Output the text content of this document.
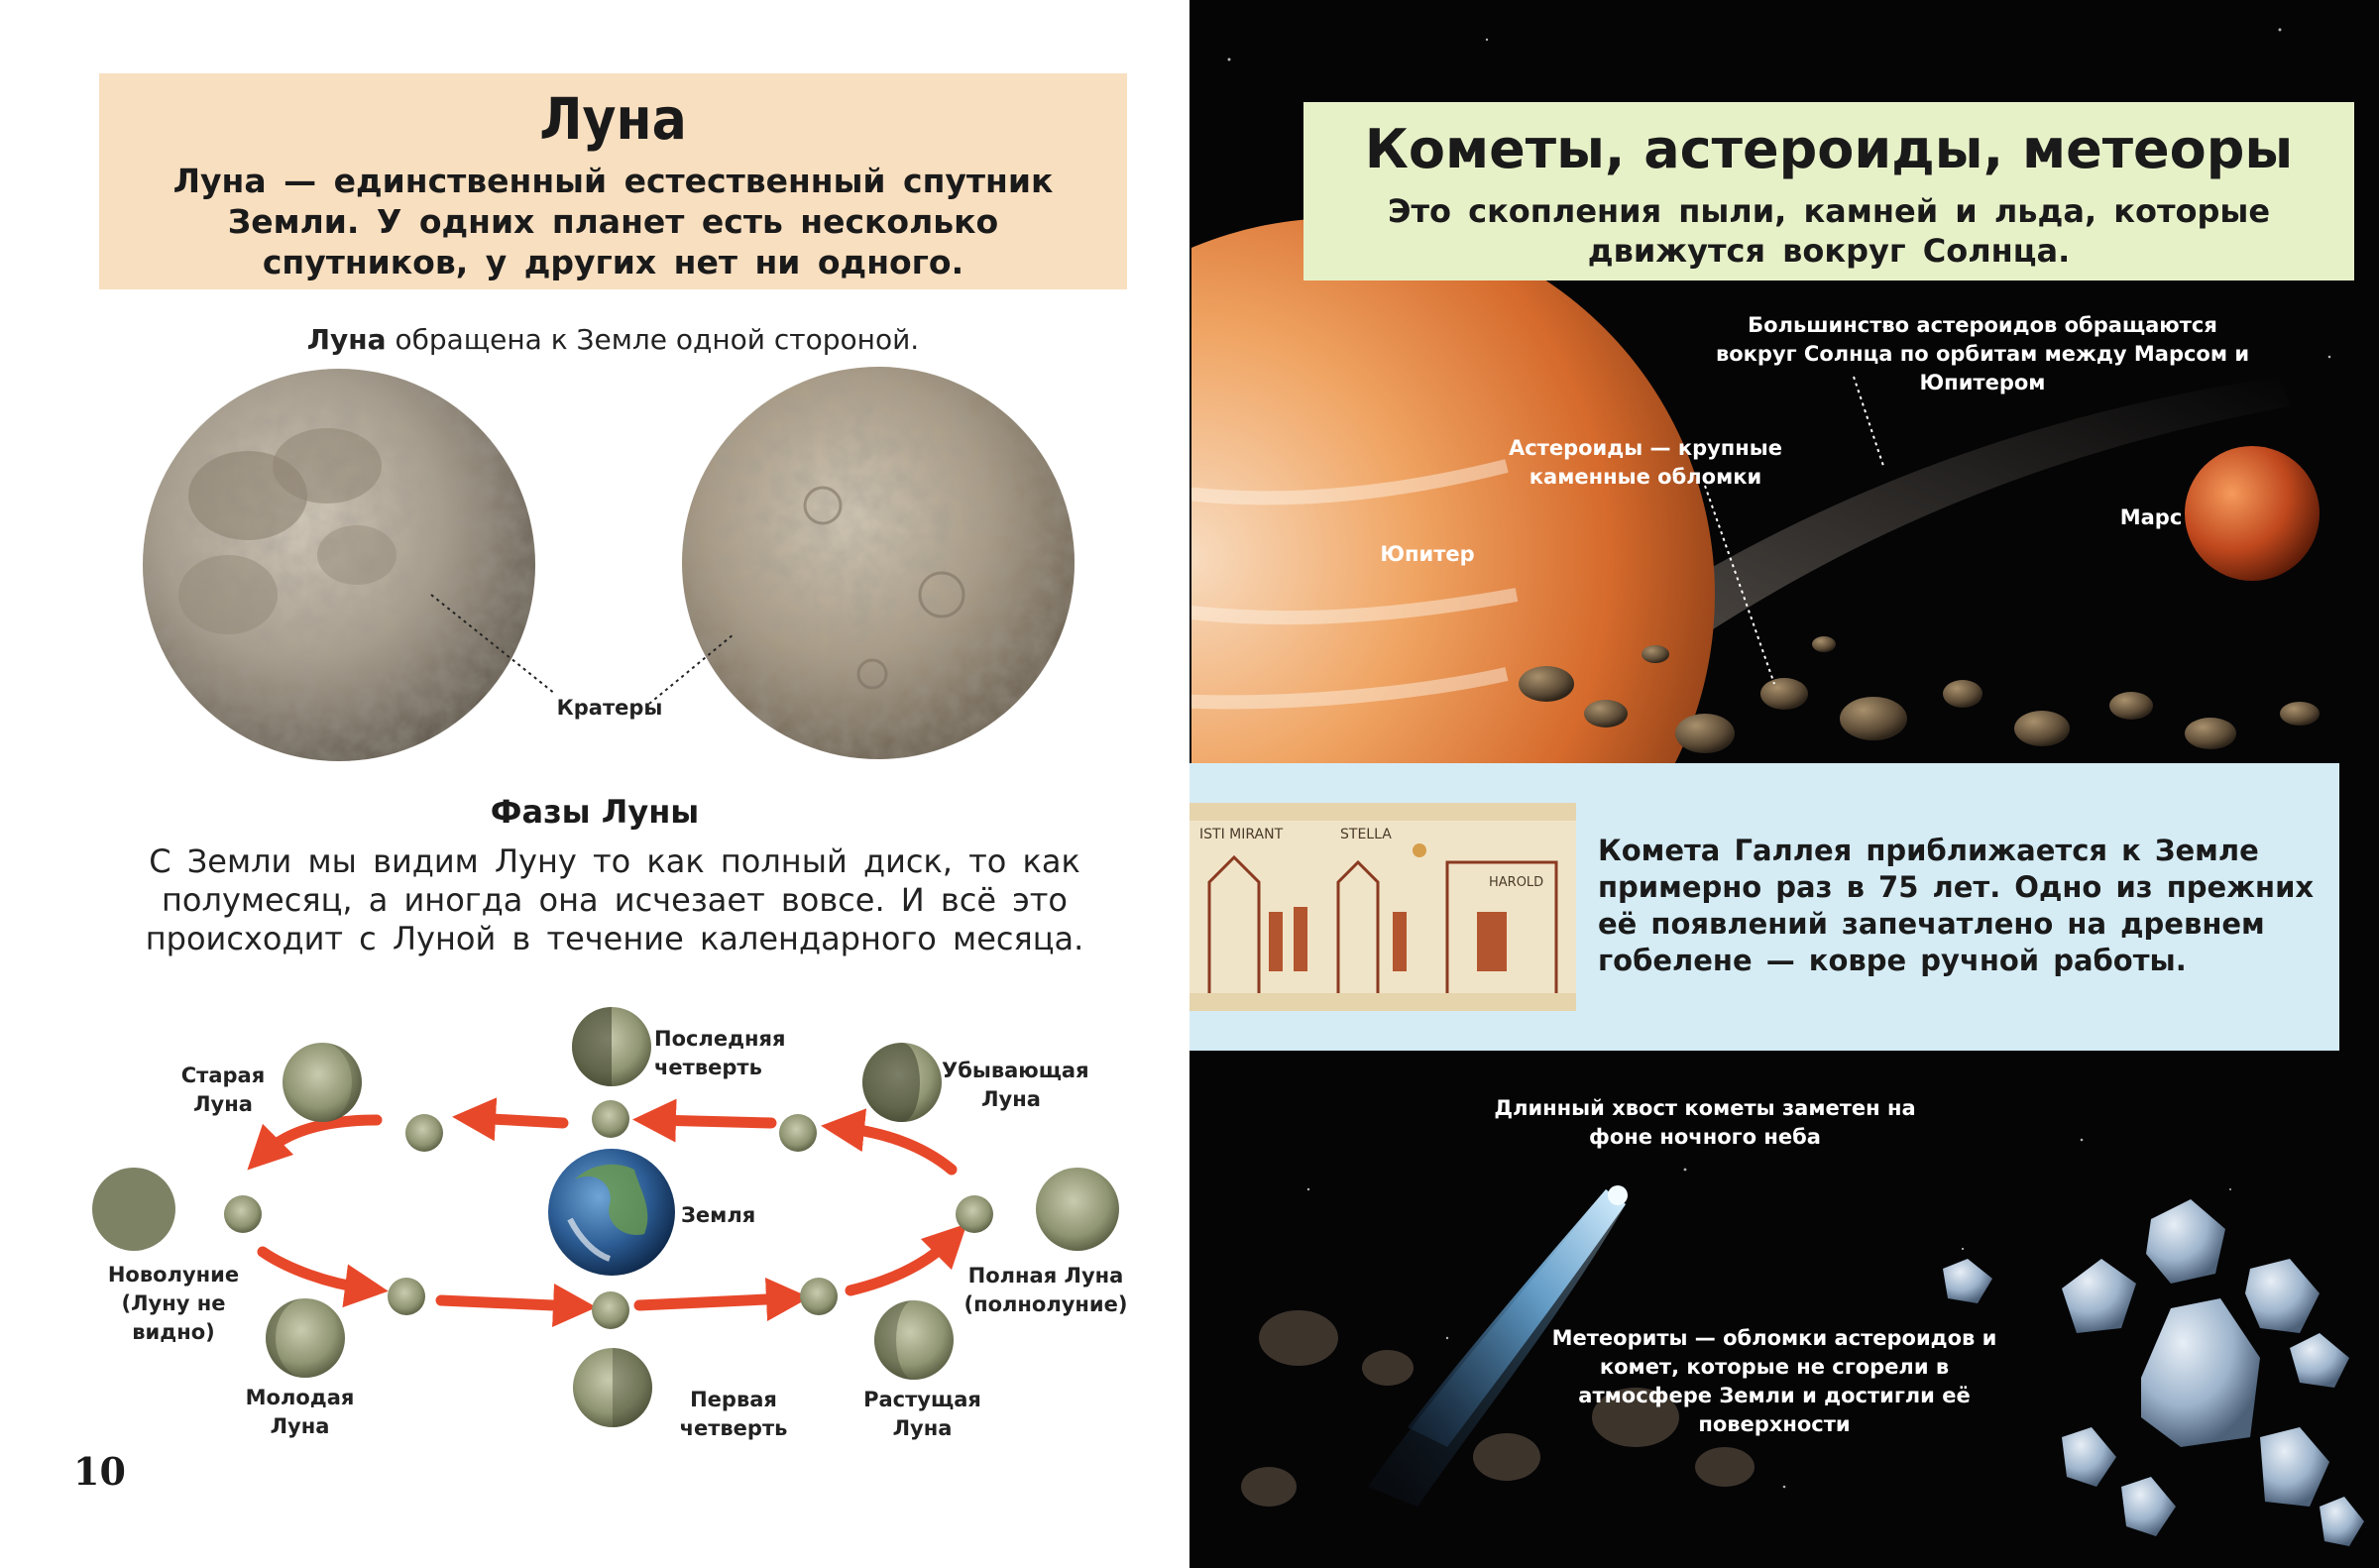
Луна
Луна — единственный естественный спутник Земли. У одних планет есть несколько спутников, у других нет ни одного.
Луна обращена к Земле одной стороной.
Кратеры
Фазы Луны
С Земли мы видим Луну то как полный диск, то как полумесяц, а иногда она исчезает вовсе. И всё это происходит с Луной в течение календарного месяца.
Старая Луна
Последняя четверть	Убывающая Луна
Новолуние (Луну не видно)
Земля
Полная Луна (полнолуние)
Молодая Луна
Первая четверть
Растущая Луна
10
Кометы, астероиды, метеоры
Это скопления пыли, камней и льда, которые движутся вокруг Солнца.
Большинство астероидов обращаются вокруг Солнца по орбитам между Марсом и Юпитером
Астероиды — крупные каменные обломки
Юпитер
Марс
ISTI MIRANT	STELLA
HAROLD
Комета Галлея приближается к Земле примерно раз в 75 лет. Одно из прежних её появлений запечатлено на древнем гобелене — ковре ручной работы.
Длинный хвост кометы заметен на фоне ночного неба
Метеориты — обломки астероидов и комет, которые не сгорели в атмосфере Земли и достигли её поверхности
